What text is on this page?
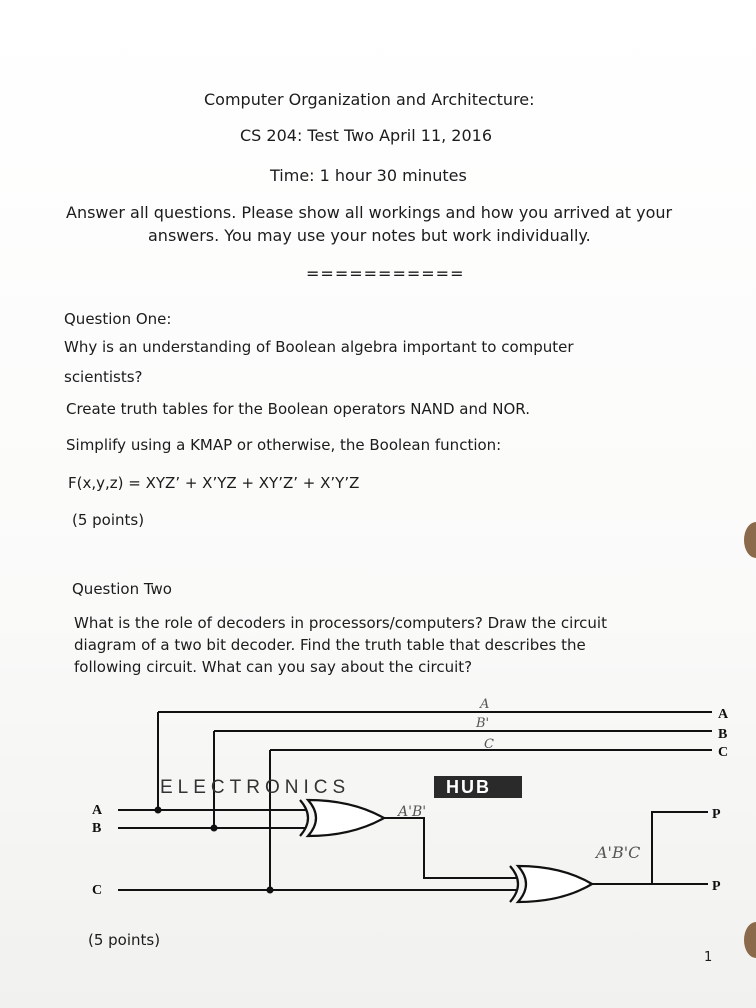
Computer Organization and Architecture:
CS 204: Test Two April 11, 2016
Time: 1 hour 30 minutes
Answer all questions. Please show all workings and how you arrived at your
answers. You may use your notes but work individually.
===========
Question One:
Why is an understanding of Boolean algebra important to computer
scientists?
Create truth tables for the Boolean operators NAND and NOR.
Simplify using a KMAP or otherwise, the Boolean function:
F(x,y,z) = XYZ’ + X’YZ + XY’Z’ + X’Y’Z
(5 points)
Question Two
What is the role of decoders in processors/computers? Draw the circuit
diagram of a two bit decoder. Find the truth table that describes the
following circuit. What can you say about the circuit?
ELECTRONICS	HUB
A
B
C
P
P
A
B
C
A
B'
C
A'B'
A'B'C
(5 points)
1
